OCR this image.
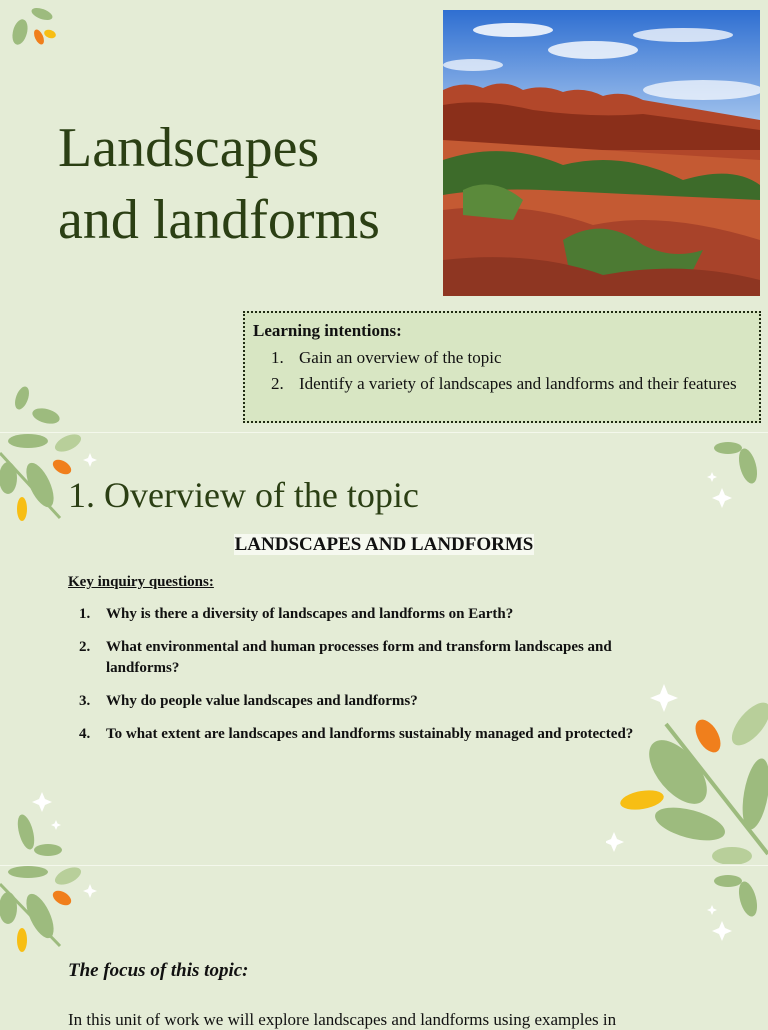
Landscapes
and landforms
Learning intentions:
1. Gain an overview of the topic
2. Identify a variety of landscapes and landforms and their features
1. Overview of the topic
LANDSCAPES AND LANDFORMS

Key inquiry questions:

1.	Why is there a diversity of landscapes and landforms on Earth?
2.	What environmental and human processes form and transform landscapes and landforms?
3.	Why do people value landscapes and landforms?
4.	To what extent are landscapes and landforms sustainably managed and protected?

The focus of this topic:

In this unit of work we will explore landscapes and landforms using examples in
